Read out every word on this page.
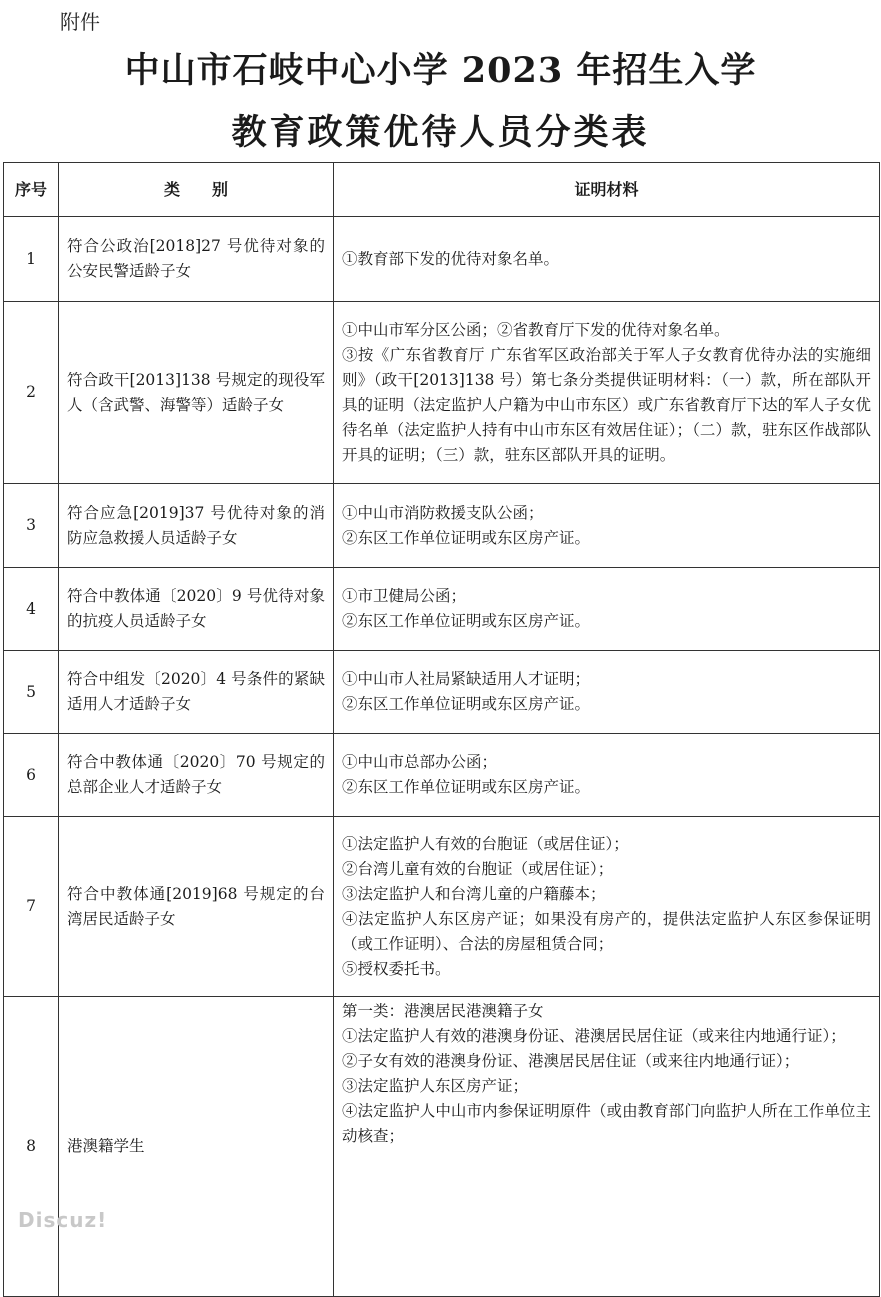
附件
中山市石岐中心小学 2023 年招生入学
教育政策优待人员分类表
序号	类　　别	证明材料
1	符合公政治[2018]27 号优待对象的公安民警适龄子女	①教育部下发的优待对象名单。

2	符合政干[2013]138 号规定的现役军人（含武警、海警等）适龄子女	①中山市军分区公函；②省教育厅下发的优待对象名单。
③按《广东省教育厅 广东省军区政治部关于军人子女教育优待办法的实施细则》（政干[2013]138 号）第七条分类提供证明材料：（一）款，所在部队开具的证明（法定监护人户籍为中山市东区）或广东省教育厅下达的军人子女优待名单（法定监护人持有中山市东区有效居住证）；（二）款，驻东区作战部队开具的证明；（三）款，驻东区部队开具的证明。

3	符合应急[2019]37 号优待对象的消防应急救援人员适龄子女	①中山市消防救援支队公函；
②东区工作单位证明或东区房产证。

4	符合中教体通〔2020〕9 号优待对象的抗疫人员适龄子女	①市卫健局公函；
②东区工作单位证明或东区房产证。

5	符合中组发〔2020〕4 号条件的紧缺适用人才适龄子女	①中山市人社局紧缺适用人才证明；
②东区工作单位证明或东区房产证。

6	符合中教体通〔2020〕70 号规定的总部企业人才适龄子女	①中山市总部办公函；
②东区工作单位证明或东区房产证。

7	符合中教体通[2019]68 号规定的台湾居民适龄子女	①法定监护人有效的台胞证（或居住证）；
②台湾儿童有效的台胞证（或居住证）；
③法定监护人和台湾儿童的户籍藤本；
④法定监护人东区房产证；如果没有房产的，提供法定监护人东区参保证明（或工作证明）、合法的房屋租赁合同；
⑤授权委托书。

8	港澳籍学生	第一类：港澳居民港澳籍子女
①法定监护人有效的港澳身份证、港澳居民居住证（或来往内地通行证）；
②子女有效的港澳身份证、港澳居民居住证（或来往内地通行证）；
③法定监护人东区房产证；
④法定监护人中山市内参保证明原件（或由教育部门向监护人所在工作单位主动核查；
Discuz!
